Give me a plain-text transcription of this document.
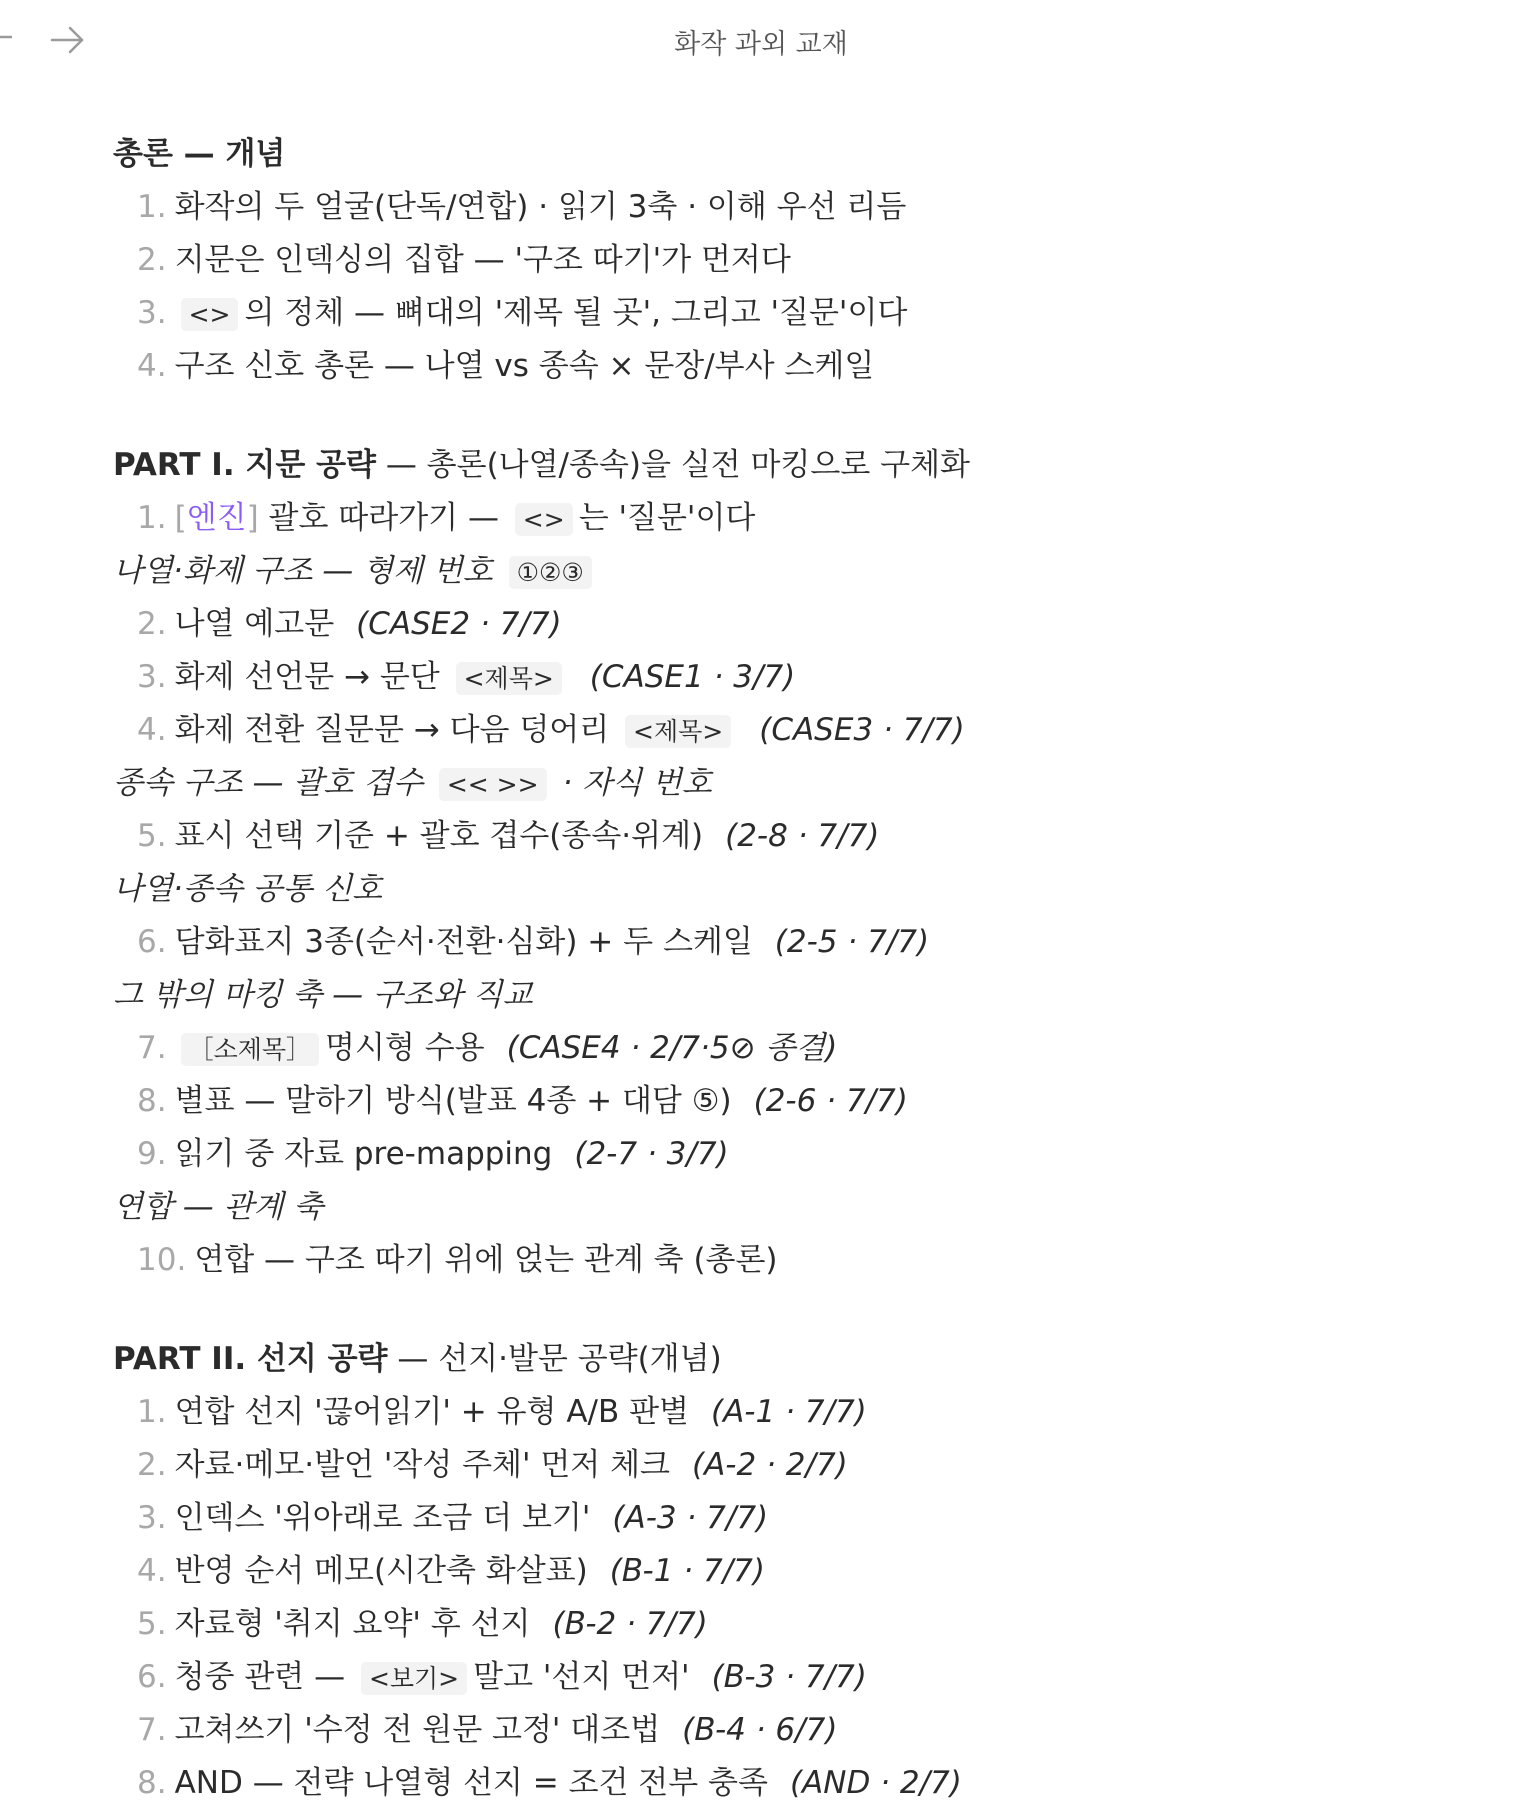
화작 과외 교재
총론 — 개념
1. 화작의 두 얼굴(단독/연합) · 읽기 3축 · 이해 우선 리듬
2. 지문은 인덱싱의 집합 — '구조 따기'가 먼저다
3. <> 의 정체 — 뼈대의 '제목 될 곳', 그리고 '질문'이다
4. 구조 신호 총론 — 나열 vs 종속 × 문장/부사 스케일
PART I. 지문 공략 — 총론(나열/종속)을 실전 마킹으로 구체화
1. [엔진] 괄호 따라가기 — <> 는 '질문'이다
나열·화제 구조 — 형제 번호 ①②③
2. 나열 예고문 (CASE2 · 7/7)
3. 화제 선언문 → 문단 <제목> (CASE1 · 3/7)
4. 화제 전환 질문문 → 다음 덩어리 <제목> (CASE3 · 7/7)
종속 구조 — 괄호 겹수 << >> · 자식 번호
5. 표시 선택 기준 + 괄호 겹수(종속·위계) (2-8 · 7/7)
나열·종속 공통 신호
6. 담화표지 3종(순서·전환·심화) + 두 스케일 (2-5 · 7/7)
그 밖의 마킹 축 — 구조와 직교
7. ［소제목］ 명시형 수용 (CASE4 · 2/7·5⊘ 종결)
8. 별표 — 말하기 방식(발표 4종 + 대담 ⑤) (2-6 · 7/7)
9. 읽기 중 자료 pre-mapping (2-7 · 3/7)
연합 — 관계 축
10. 연합 — 구조 따기 위에 얹는 관계 축 (총론)
PART II. 선지 공략 — 선지·발문 공략(개념)
1. 연합 선지 '끊어읽기' + 유형 A/B 판별 (A-1 · 7/7)
2. 자료·메모·발언 '작성 주체' 먼저 체크 (A-2 · 2/7)
3. 인덱스 '위아래로 조금 더 보기' (A-3 · 7/7)
4. 반영 순서 메모(시간축 화살표) (B-1 · 7/7)
5. 자료형 '취지 요약' 후 선지 (B-2 · 7/7)
6. 청중 관련 — <보기> 말고 '선지 먼저' (B-3 · 7/7)
7. 고쳐쓰기 '수정 전 원문 고정' 대조법 (B-4 · 6/7)
8. AND — 전략 나열형 선지 = 조건 전부 충족 (AND · 2/7)
